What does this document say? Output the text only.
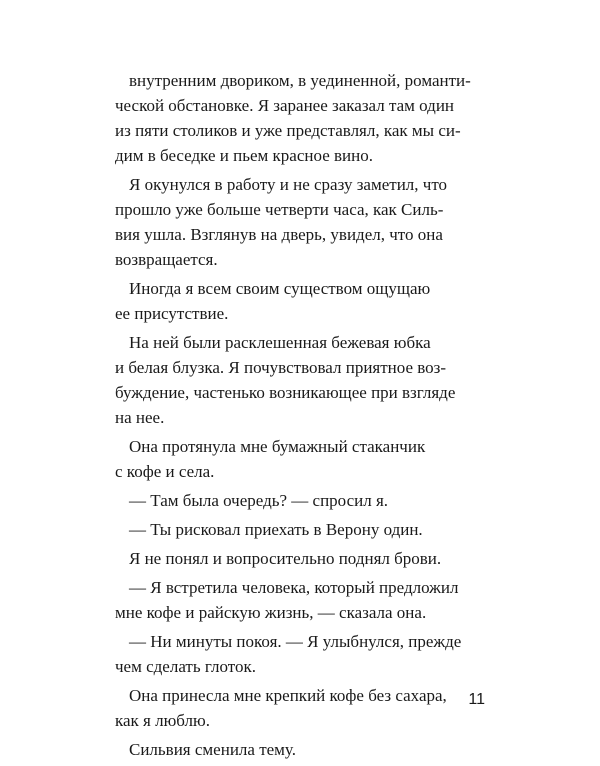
внутренним двориком, в уединенной, романти-
ческой обстановке. Я заранее заказал там один
из пяти столиков и уже представлял, как мы си-
дим в беседке и пьем красное вино.

Я окунулся в работу и не сразу заметил, что
прошло уже больше четверти часа, как Силь-
вия ушла. Взглянув на дверь, увидел, что она
возвращается.

Иногда я всем своим существом ощущаю
ее присутствие.

На ней были расклешенная бежевая юбка
и белая блузка. Я почувствовал приятное воз-
буждение, частенько возникающее при взгляде
на нее.

Она протянула мне бумажный стаканчик
с кофе и села.

— Там была очередь? — спросил я.

— Ты рисковал приехать в Верону один.

Я не понял и вопросительно поднял брови.

— Я встретила человека, который предложил
мне кофе и райскую жизнь, — сказала она.

— Ни минуты покоя. — Я улыбнулся, прежде
чем сделать глоток.

Она принесла мне крепкий кофе без сахара,
как я люблю.

Сильвия сменила тему.

11
